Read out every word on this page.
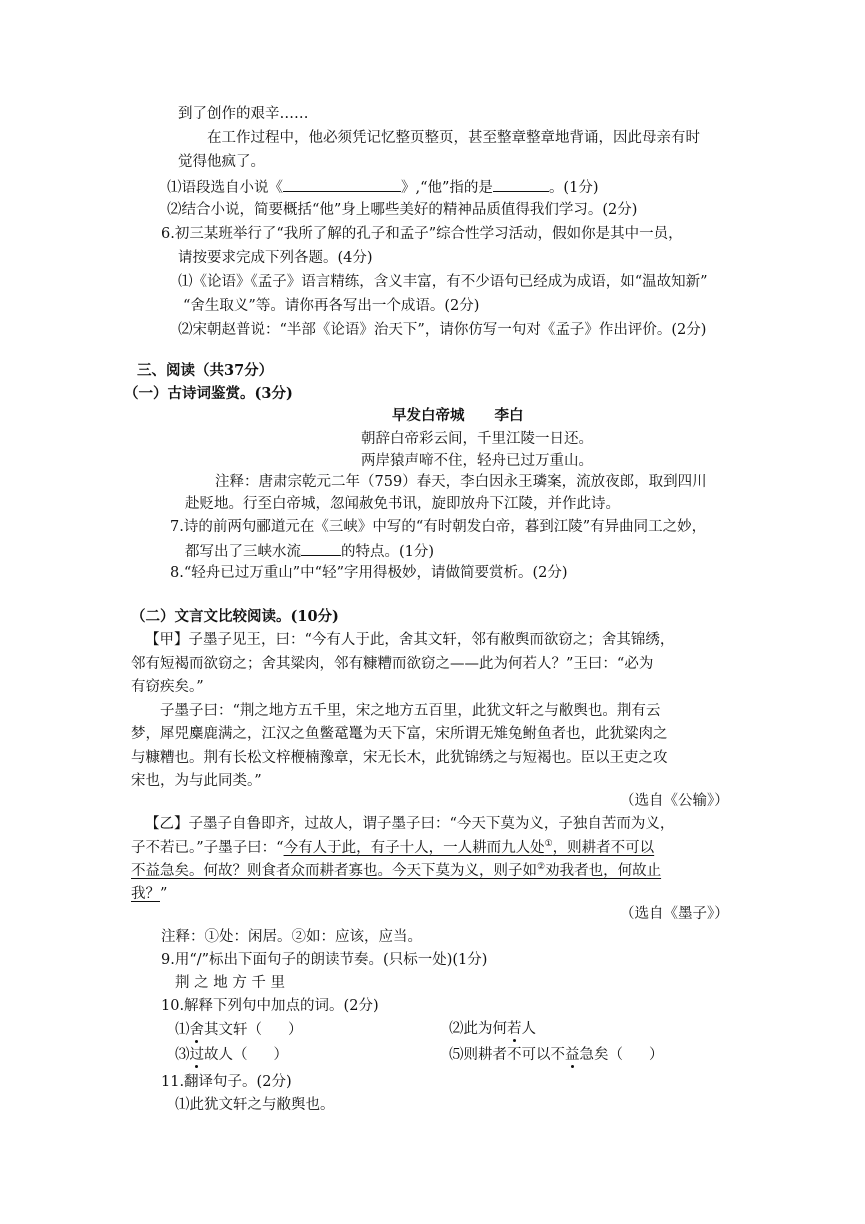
到了创作的艰辛……
在工作过程中，他必须凭记忆整页整页，甚至整章整章地背诵，因此母亲有时
觉得他疯了。
⑴语段选自小说《	》,“他”指的是	。(1分)
⑵结合小说，简要概括“他”身上哪些美好的精神品质值得我们学习。(2分)
6.初三某班举行了“我所了解的孔子和孟子”综合性学习活动，假如你是其中一员，
请按要求完成下列各题。(4分)
⑴《论语》《孟子》语言精练，含义丰富，有不少语句已经成为成语，如“温故知新”
“舍生取义”等。请你再各写出一个成语。(2分)
⑵宋朝赵普说：“半部《论语》治天下”，请你仿写一句对《孟子》作出评价。(2分)
三、阅读（共37分）
（一）古诗词鉴赏。(3分)
早发白帝城 李白
朝辞白帝彩云间，千里江陵一日还。
两岸猿声啼不住，轻舟已过万重山。
注释：唐肃宗乾元二年（759）春天，李白因永王璘案，流放夜郎，取到四川
赴贬地。行至白帝城，忽闻赦免书讯，旋即放舟下江陵，并作此诗。
7.诗的前两句郦道元在《三峡》中写的“有时朝发白帝，暮到江陵”有异曲同工之妙，
都写出了三峡水流	的特点。(1分)
8.“轻舟已过万重山”中“轻”字用得极妙，请做简要赏析。(2分)
（二）文言文比较阅读。(10分)
【甲】子墨子见王，曰：“今有人于此，舍其文轩，邻有敝舆而欲窃之；舍其锦绣，
邻有短褐而欲窃之；舍其粱肉，邻有糠糟而欲窃之——此为何若人？”王曰：“必为
有窃疾矣。”
子墨子曰：“荆之地方五千里，宋之地方五百里，此犹文轩之与敝舆也。荆有云
梦，犀兕麋鹿满之，江汉之鱼鳖鼋鼍为天下富，宋所谓无雉兔鲋鱼者也，此犹粱肉之
与糠糟也。荆有长松文梓楩楠豫章，宋无长木，此犹锦绣之与短褐也。臣以王吏之攻
宋也，为与此同类。”
（选自《公输》）
【乙】子墨子自鲁即齐，过故人，谓子墨子曰：“今天下莫为义，子独自苦而为义，
子不若已。”子墨子曰：“今有人于此，有子十人，一人耕而九人处①，则耕者不可以
不益急矣。何故？则食者众而耕者寡也。今天下莫为义，则子如②劝我者也，何故止
我？”
（选自《墨子》）
注释：①处：闲居。②如：应该，应当。
9.用“/”标出下面句子的朗读节奏。(只标一处)(1分)
荆 之 地 方 千 里
10.解释下列句中加点的词。(2分)
⑴舍其文轩（ ）	⑵此为何若人
⑶过故人（ ）	⑸则耕者不可以不益急矣（ ）
11.翻译句子。(2分)
⑴此犹文轩之与敝舆也。
